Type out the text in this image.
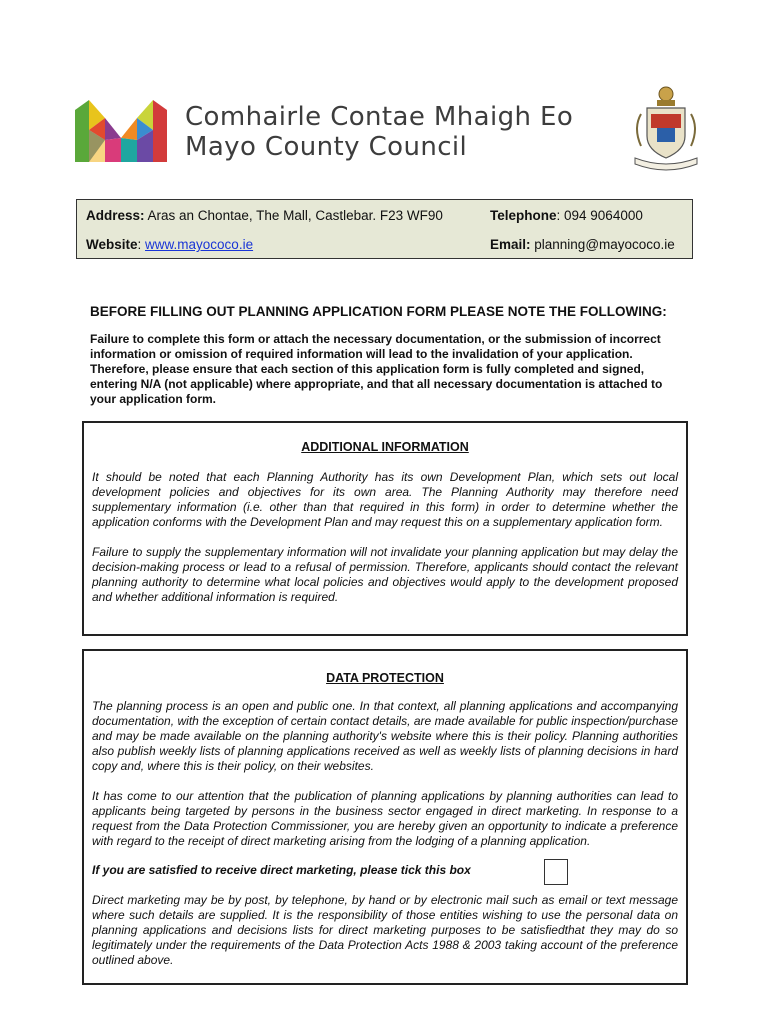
Comhairle Contae Mhaigh Eo
Mayo County Council
Address: Aras an Chontae, The Mall, Castlebar. F23 WF90	Telephone: 094 9064000
Website: www.mayococo.ie	Email: planning@mayococo.ie
BEFORE FILLING OUT PLANNING APPLICATION FORM PLEASE NOTE THE FOLLOWING:
Failure to complete this form or attach the necessary documentation, or the submission of incorrect information or omission of required information will lead to the invalidation of your application. Therefore, please ensure that each section of this application form is fully completed and signed, entering N/A (not applicable) where appropriate, and that all necessary documentation is attached to your application form.
ADDITIONAL INFORMATION
It should be noted that each Planning Authority has its own Development Plan, which sets out local development policies and objectives for its own area. The Planning Authority may therefore need supplementary information (i.e. other than that required in this form) in order to determine whether the application conforms with the Development Plan and may request this on a supplementary application form.
Failure to supply the supplementary information will not invalidate your planning application but may delay the decision-making process or lead to a refusal of permission. Therefore, applicants should contact the relevant planning authority to determine what local policies and objectives would apply to the development proposed and whether additional information is required.
DATA PROTECTION
The planning process is an open and public one. In that context, all planning applications and accompanying documentation, with the exception of certain contact details, are made available for public inspection/purchase and may be made available on the planning authority's website where this is their policy. Planning authorities also publish weekly lists of planning applications received as well as weekly lists of planning decisions in hard copy and, where this is their policy, on their websites.
It has come to our attention that the publication of planning applications by planning authorities can lead to applicants being targeted by persons in the business sector engaged in direct marketing. In response to a request from the Data Protection Commissioner, you are hereby given an opportunity to indicate a preference with regard to the receipt of direct marketing arising from the lodging of a planning application.
If you are satisfied to receive direct marketing, please tick this box
Direct marketing may be by post, by telephone, by hand or by electronic mail such as email or text message where such details are supplied. It is the responsibility of those entities wishing to use the personal data on planning applications and decisions lists for direct marketing purposes to be satisfiedthat they may do so legitimately under the requirements of the Data Protection Acts 1988 & 2003 taking account of the preference outlined above.
